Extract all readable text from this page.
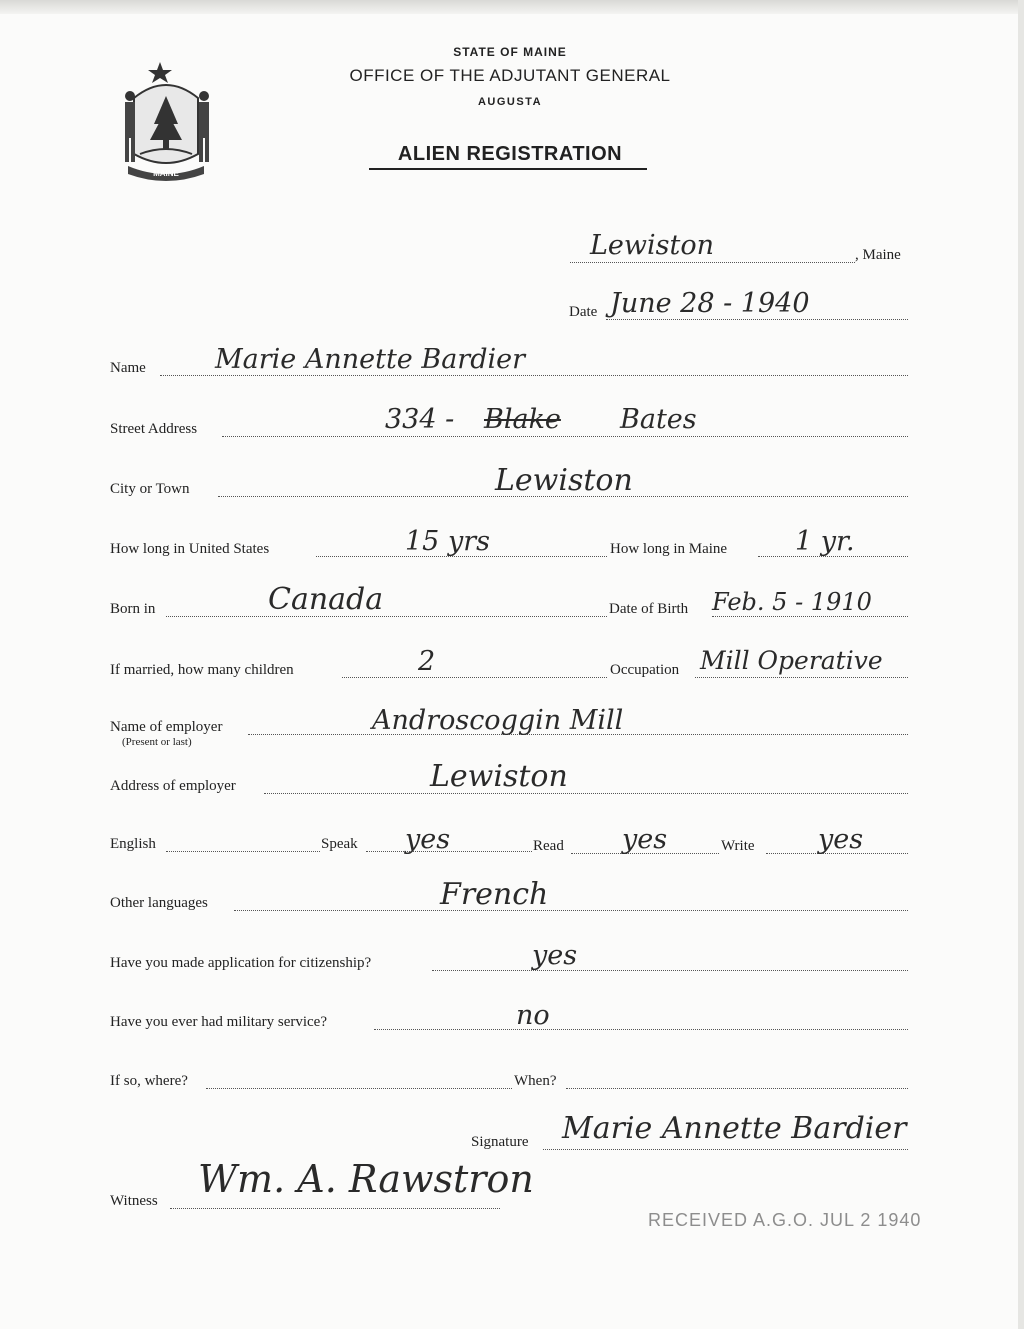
MAINE
STATE OF MAINE
OFFICE OF THE ADJUTANT GENERAL
AUGUSTA
ALIEN REGISTRATION
Lewiston	, Maine
Date June 28 - 1940
Name	Marie Annette Bardier
Street Address	334 - Blake Bates
City or Town	Lewiston
How long in United States	15 yrs	How long in Maine	1 yr.
Born in	Canada	Date of Birth Feb. 5 - 1910
If married, how many children	2	Occupation Mill Operative
Name of employer
(Present or last)
Androscoggin Mill
Address of employer	Lewiston
English	Speak yes	Read yes	Write yes
Other languages	French
Have you made application for citizenship?	yes
Have you ever had military service?	no
If so, where?	When?
Signature Marie Annette Bardier
Witness Wm. A. Rawstron
RECEIVED A.G.O. JUL 2 1940
